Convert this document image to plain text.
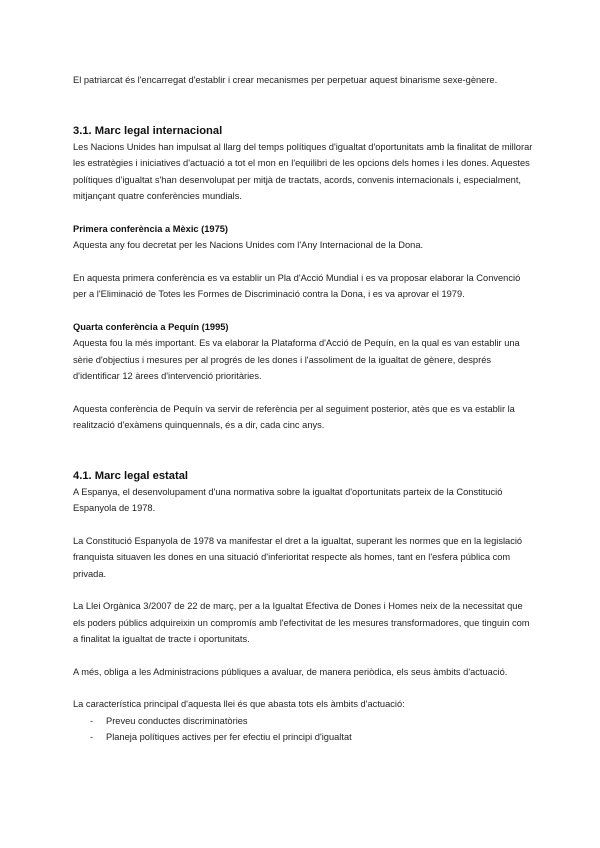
El patriarcat és l'encarregat d'establir i crear mecanismes per perpetuar aquest binarisme sexe-gènere.

3.1. Marc legal internacional

Les Nacions Unides han impulsat al llarg del temps polítiques d'igualtat d'oportunitats amb la finalitat de millorar les estratègies i iniciatives d'actuació a tot el mon en l'equilibri de les opcions dels homes i les dones. Aquestes polítiques d'igualtat s'han desenvolupat per mitjà de tractats, acords, convenis internacionals i, especialment, mitjançant quatre conferències mundials.

Primera conferència a Mèxic (1975)

Aquesta any fou decretat per les Nacions Unides com l'Any Internacional de la Dona.

En aquesta primera conferència es va establir un Pla d'Acció Mundial i es va proposar elaborar la Convenció per a l'Eliminació de Totes les Formes de Discriminació contra la Dona, i es va aprovar el 1979.

Quarta conferència a Pequín (1995)

Aquesta fou la més important. Es va elaborar la Plataforma d'Acció de Pequín, en la qual es van establir una sèrie d'objectius i mesures per al progrés de les dones i l'assoliment de la igualtat de gènere, després d'identificar 12 àrees d'intervenció prioritàries.

Aquesta conferència de Pequín va servir de referència per al seguiment posterior, atès que es va establir la realització d'exàmens quinquennals, és a dir, cada cinc anys.

4.1. Marc legal estatal

A Espanya, el desenvolupament d'una normativa sobre la igualtat d'oportunitats parteix de la Constitució Espanyola de 1978.

La Constitució Espanyola de 1978 va manifestar el dret a la igualtat, superant les normes que en la legislació franquista situaven les dones en una situació d'inferioritat respecte als homes, tant en l'esfera pública com privada.

La Llei Orgànica 3/2007 de 22 de març, per a la Igualtat Efectiva de Dones i Homes neix de la necessitat que els poders públics adquireixin un compromís amb l'efectivitat de les mesures transformadores, que tinguin com a finalitat la igualtat de tracte i oportunitats.

A més, obliga a les Administracions públiques a avaluar, de manera periòdica, els seus àmbits d'actuació.

La característica principal d'aquesta llei és que abasta tots els àmbits d'actuació:

-	Preveu conductes discriminatòries
-	Planeja polítiques actives per fer efectiu el principi d'igualtat
